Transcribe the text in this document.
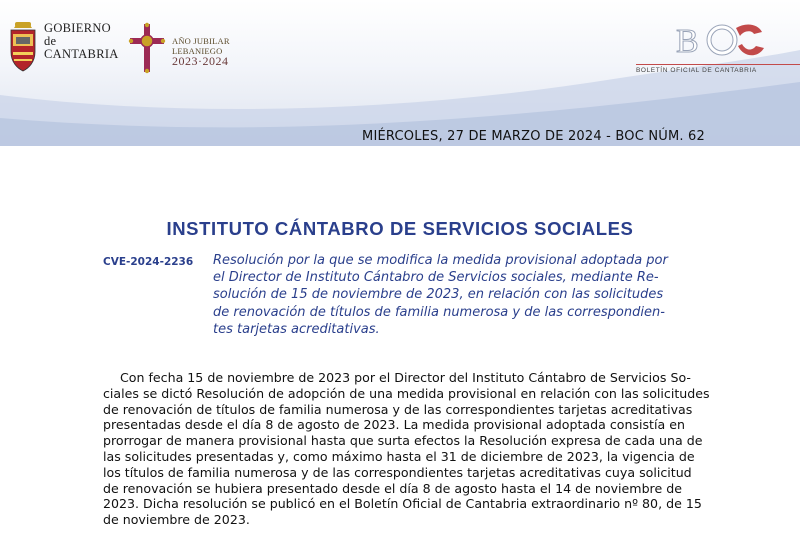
GOBIERNO
de
CANTABRIA
AÑO JUBILAR
LEBANIEGO
2023·2024
B
BOLETÍN OFICIAL DE CANTABRIA
MIÉRCOLES, 27 DE MARZO DE 2024 - BOC NÚM. 62
INSTITUTO CÁNTABRO DE SERVICIOS SOCIALES
CVE-2024-2236 Resolución por la que se modifica la medida provisional adoptada por
el Director de Instituto Cántabro de Servicios sociales, mediante Re-
solución de 15 de noviembre de 2023, en relación con las solicitudes
de renovación de títulos de familia numerosa y de las correspondien-
tes tarjetas acreditativas.
Con fecha 15 de noviembre de 2023 por el Director del Instituto Cántabro de Servicios So-
ciales se dictó Resolución de adopción de una medida provisional en relación con las solicitudes
de renovación de títulos de familia numerosa y de las correspondientes tarjetas acreditativas
presentadas desde el día 8 de agosto de 2023. La medida provisional adoptada consistía en
prorrogar de manera provisional hasta que surta efectos la Resolución expresa de cada una de
las solicitudes presentadas y, como máximo hasta el 31 de diciembre de 2023, la vigencia de
los títulos de familia numerosa y de las correspondientes tarjetas acreditativas cuya solicitud
de renovación se hubiera presentado desde el día 8 de agosto hasta el 14 de noviembre de
2023. Dicha resolución se publicó en el Boletín Oficial de Cantabria extraordinario nº 80, de 15
de noviembre de 2023.
